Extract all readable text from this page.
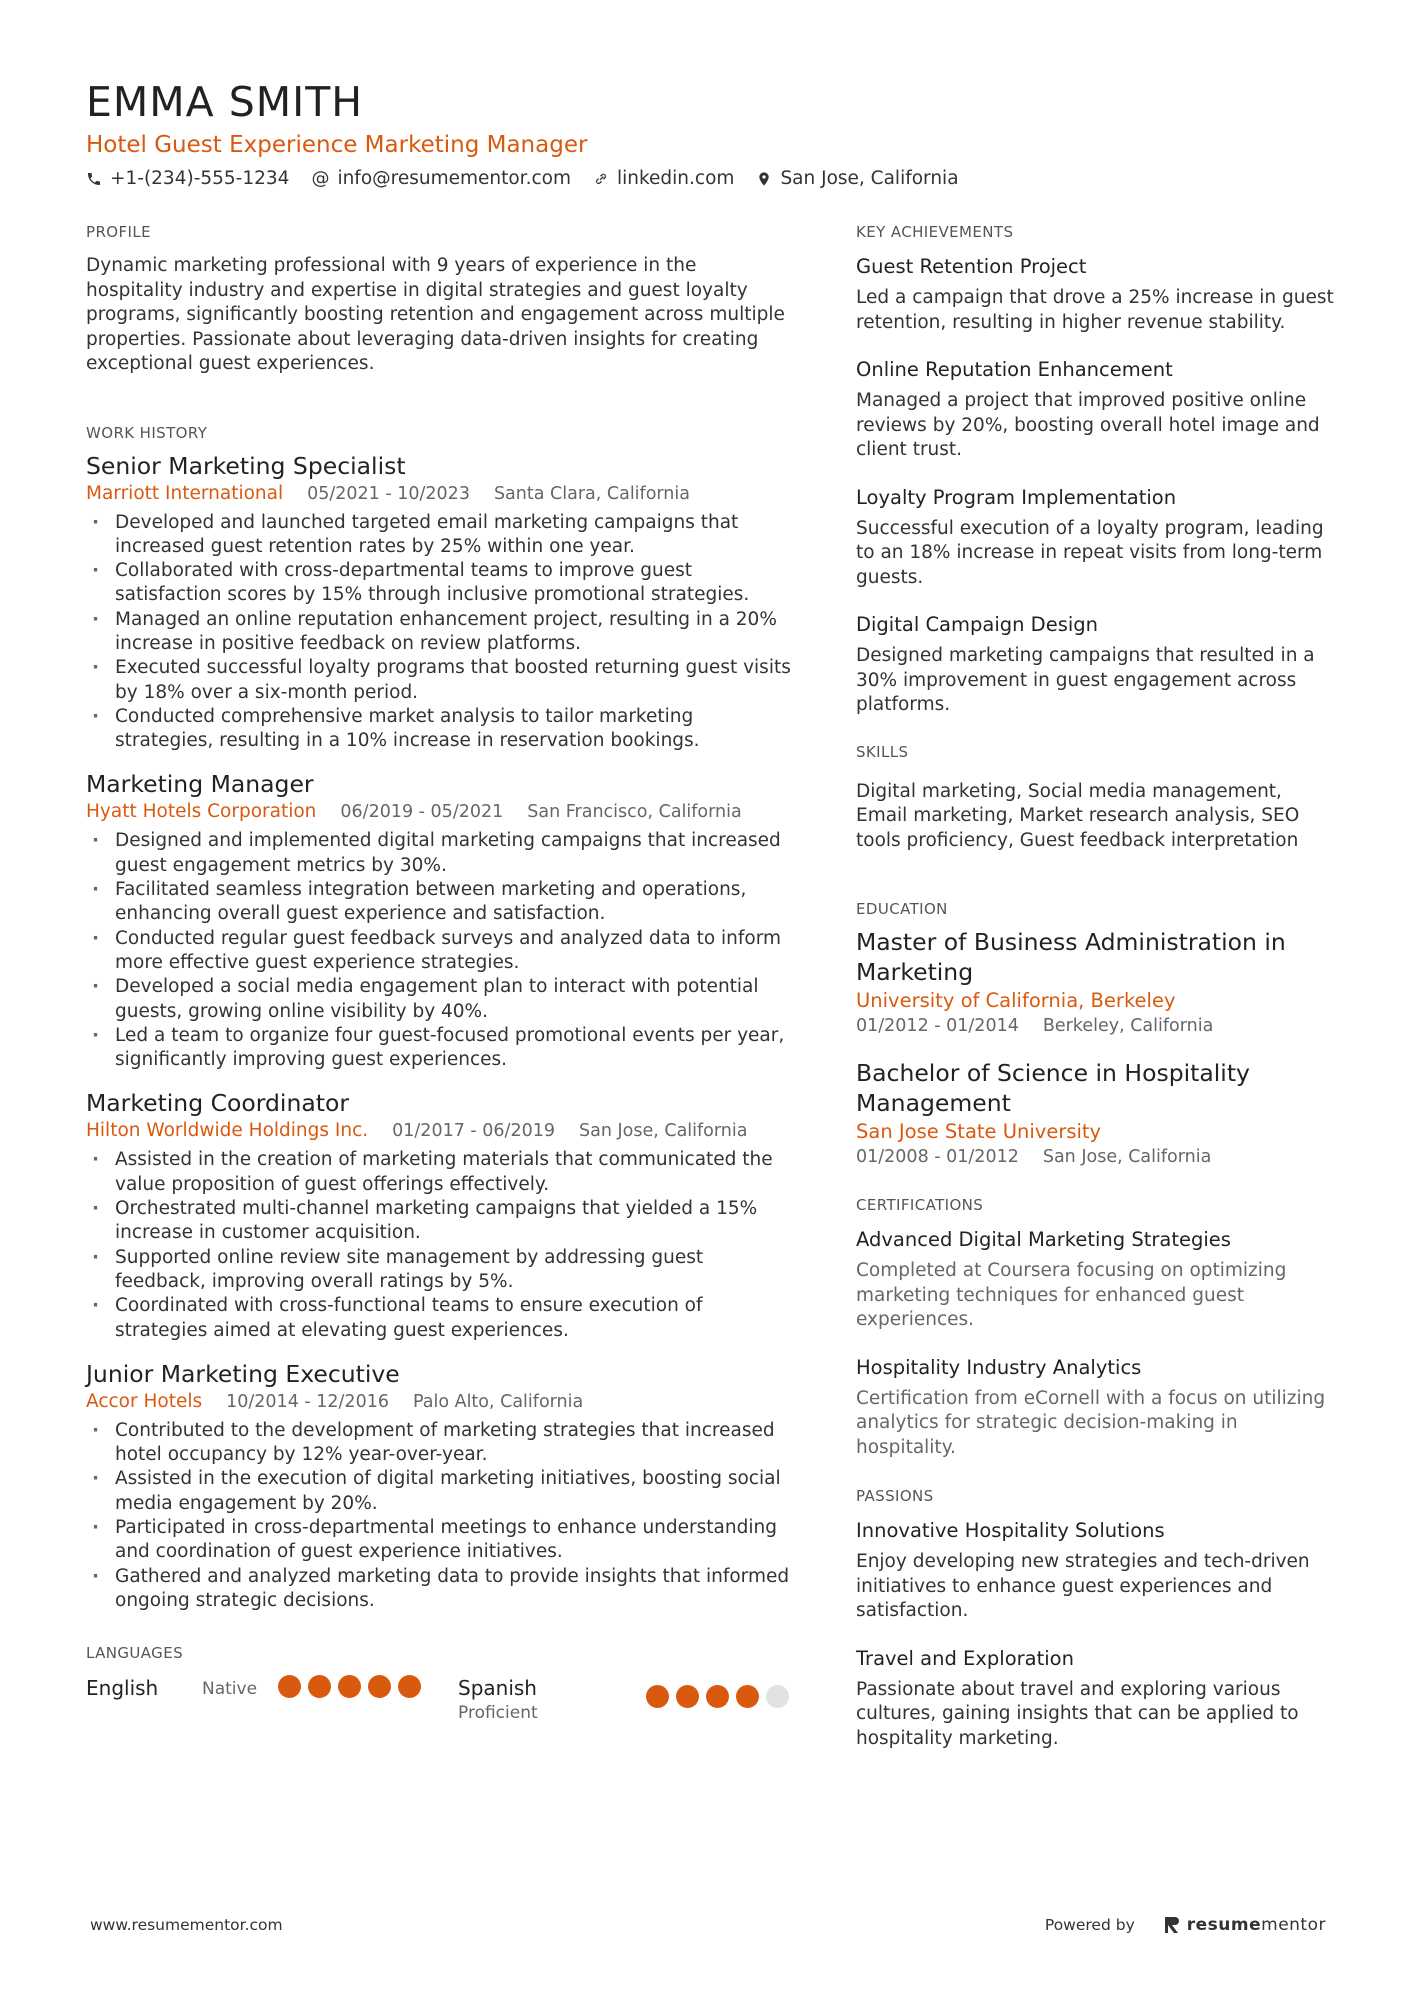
EMMA SMITH
Hotel Guest Experience Marketing Manager
+1-(234)-555-1234 @ info@resumementor.com linkedin.com San Jose, California
PROFILE

Dynamic marketing professional with 9 years of experience in the hospitality industry and expertise in digital strategies and guest loyalty programs, significantly boosting retention and engagement across multiple properties. Passionate about leveraging data-driven insights for creating exceptional guest experiences.

WORK HISTORY
Senior Marketing Specialist
Marriott International 05/2021 - 10/2023 Santa Clara, California
· Developed and launched targeted email marketing campaigns that increased guest retention rates by 25% within one year.
· Collaborated with cross-departmental teams to improve guest satisfaction scores by 15% through inclusive promotional strategies.
· Managed an online reputation enhancement project, resulting in a 20% increase in positive feedback on review platforms.
· Executed successful loyalty programs that boosted returning guest visits by 18% over a six-month period.
· Conducted comprehensive market analysis to tailor marketing strategies, resulting in a 10% increase in reservation bookings.
Marketing Manager
Hyatt Hotels Corporation 06/2019 - 05/2021 San Francisco, California
· Designed and implemented digital marketing campaigns that increased guest engagement metrics by 30%.
· Facilitated seamless integration between marketing and operations, enhancing overall guest experience and satisfaction.
· Conducted regular guest feedback surveys and analyzed data to inform more effective guest experience strategies.
· Developed a social media engagement plan to interact with potential guests, growing online visibility by 40%.
· Led a team to organize four guest-focused promotional events per year, significantly improving guest experiences.
Marketing Coordinator
Hilton Worldwide Holdings Inc. 01/2017 - 06/2019 San Jose, California
· Assisted in the creation of marketing materials that communicated the value proposition of guest offerings effectively.
· Orchestrated multi-channel marketing campaigns that yielded a 15% increase in customer acquisition.
· Supported online review site management by addressing guest feedback, improving overall ratings by 5%.
· Coordinated with cross-functional teams to ensure execution of strategies aimed at elevating guest experiences.
Junior Marketing Executive
Accor Hotels 10/2014 - 12/2016 Palo Alto, California
· Contributed to the development of marketing strategies that increased hotel occupancy by 12% year-over-year.
· Assisted in the execution of digital marketing initiatives, boosting social media engagement by 20%.
· Participated in cross-departmental meetings to enhance understanding and coordination of guest experience initiatives.
· Gathered and analyzed marketing data to provide insights that informed ongoing strategic decisions.
LANGUAGES
English	Native	Spanish
Proficient
KEY ACHIEVEMENTS
Guest Retention Project
Led a campaign that drove a 25% increase in guest retention, resulting in higher revenue stability.
Online Reputation Enhancement
Managed a project that improved positive online reviews by 20%, boosting overall hotel image and client trust.
Loyalty Program Implementation
Successful execution of a loyalty program, leading to an 18% increase in repeat visits from long-term guests.
Digital Campaign Design
Designed marketing campaigns that resulted in a 30% improvement in guest engagement across platforms.
SKILLS

Digital marketing, Social media management, Email marketing, Market research analysis, SEO tools proficiency, Guest feedback interpretation

EDUCATION
Master of Business Administration in Marketing
University of California, Berkeley
01/2012 - 01/2014 Berkeley, California
Bachelor of Science in Hospitality Management
San Jose State University
01/2008 - 01/2012 San Jose, California
CERTIFICATIONS
Advanced Digital Marketing Strategies
Completed at Coursera focusing on optimizing marketing techniques for enhanced guest experiences.
Hospitality Industry Analytics
Certification from eCornell with a focus on utilizing analytics for strategic decision-making in hospitality.
PASSIONS
Innovative Hospitality Solutions
Enjoy developing new strategies and tech-driven initiatives to enhance guest experiences and satisfaction.
Travel and Exploration
Passionate about travel and exploring various cultures, gaining insights that can be applied to hospitality marketing.
www.resumementor.com	Powered by	resume mentor
